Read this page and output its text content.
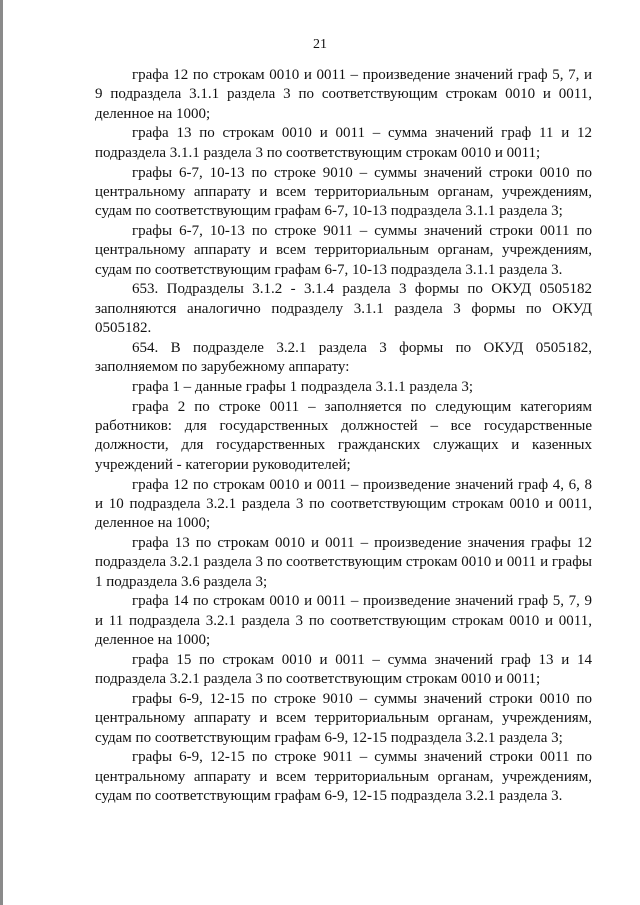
21

графа 12 по строкам 0010 и 0011 – произведение значений граф 5, 7, и 9 подраздела 3.1.1 раздела 3 по соответствующим строкам 0010 и 0011, деленное на 1000;

графа 13 по строкам 0010 и 0011 – сумма значений граф 11 и 12 подраздела 3.1.1 раздела 3 по соответствующим строкам 0010 и 0011;

графы 6-7, 10-13 по строке 9010 – суммы значений строки 0010 по центральному аппарату и всем территориальным органам, учреждениям, судам по соответствующим графам 6-7, 10-13 подраздела 3.1.1 раздела 3;

графы 6-7, 10-13 по строке 9011 – суммы значений строки 0011 по центральному аппарату и всем территориальным органам, учреждениям, судам по соответствующим графам 6-7, 10-13 подраздела 3.1.1 раздела 3.

653. Подразделы 3.1.2 - 3.1.4 раздела 3 формы по ОКУД 0505182 заполняются аналогично подразделу 3.1.1 раздела 3 формы по ОКУД 0505182.

654. В подразделе 3.2.1 раздела 3 формы по ОКУД 0505182, заполняемом по зарубежному аппарату:

графа 1 – данные графы 1 подраздела 3.1.1 раздела 3;

графа 2 по строке 0011 – заполняется по следующим категориям работников: для государственных должностей – все государственные должности, для государственных гражданских служащих и казенных учреждений - категории руководителей;

графа 12 по строкам 0010 и 0011 – произведение значений граф 4, 6, 8 и 10 подраздела 3.2.1 раздела 3 по соответствующим строкам 0010 и 0011, деленное на 1000;

графа 13 по строкам 0010 и 0011 – произведение значения графы 12 подраздела 3.2.1 раздела 3 по соответствующим строкам 0010 и 0011 и графы 1 подраздела 3.6 раздела 3;

графа 14 по строкам 0010 и 0011 – произведение значений граф 5, 7, 9 и 11 подраздела 3.2.1 раздела 3 по соответствующим строкам 0010 и 0011, деленное на 1000;

графа 15 по строкам 0010 и 0011 – сумма значений граф 13 и 14 подраздела 3.2.1 раздела 3 по соответствующим строкам 0010 и 0011;

графы 6-9, 12-15 по строке 9010 – суммы значений строки 0010 по центральному аппарату и всем территориальным органам, учреждениям, судам по соответствующим графам 6-9, 12-15 подраздела 3.2.1 раздела 3;

графы 6-9, 12-15 по строке 9011 – суммы значений строки 0011 по центральному аппарату и всем территориальным органам, учреждениям, судам по соответствующим графам 6-9, 12-15 подраздела 3.2.1 раздела 3.
